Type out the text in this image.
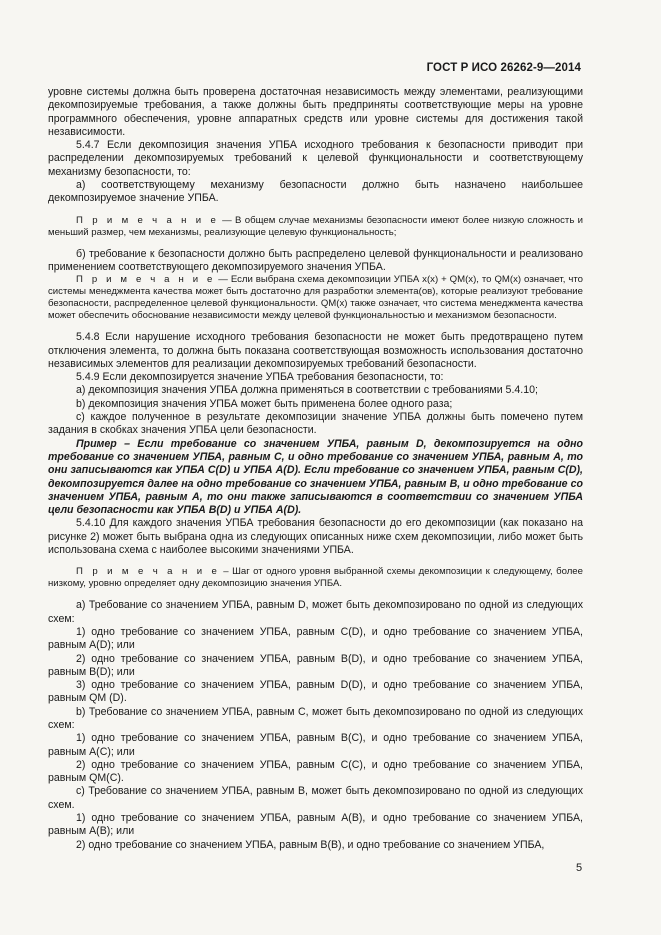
ГОСТ Р ИСО 26262-9—2014

уровне системы должна быть проверена достаточная независимость между элементами, реализующими декомпозируемые требования, а также должны быть предприняты соответствующие меры на уровне программного обеспечения, уровне аппаратных средств или уровне системы для достижения такой независимости.

5.4.7 Если декомпозиция значения УПБА исходного требования к безопасности приводит при распределении декомпозируемых требований к целевой функциональности и соответствующему механизму безопасности, то:

а) соответствующему механизму безопасности должно быть назначено наибольшее декомпозируемое значение УПБА.

П р и м е ч а н и е — В общем случае механизмы безопасности имеют более низкую сложность и меньший размер, чем механизмы, реализующие целевую функциональность;

б) требование к безопасности должно быть распределено целевой функциональности и реализовано применением соответствующего декомпозируемого значения УПБА.

П р и м е ч а н и е — Если выбрана схема декомпозиции УПБА x(x) + QM(x), то QM(x) означает, что системы менеджмента качества может быть достаточно для разработки элемента(ов), которые реализуют требование безопасности, распределенное целевой функциональности. QM(x) также означает, что система менеджмента качества может обеспечить обоснование независимости между целевой функциональностью и механизмом безопасности.

5.4.8 Если нарушение исходного требования безопасности не может быть предотвращено путем отключения элемента, то должна быть показана соответствующая возможность использования достаточно независимых элементов для реализации декомпозируемых требований безопасности.

5.4.9 Если декомпозируется значение УПБА требования безопасности, то:

а) декомпозиция значения УПБА должна применяться в соответствии с требованиями 5.4.10;

b) декомпозиция значения УПБА может быть применена более одного раза;

с) каждое полученное в результате декомпозиции значение УПБА должны быть помечено путем задания в скобках значения УПБА цели безопасности.

Пример – Если требование со значением УПБА, равным D, декомпозируется на одно требование со значением УПБА, равным С, и одно требование со значением УПБА, равным А, то они записываются как УПБА C(D) и УПБА A(D). Если требование со значением УПБА, равным C(D), декомпозируется далее на одно требование со значением УПБА, равным В, и одно требование со значением УПБА, равным А, то они также записываются в соответствии со значением УПБА цели безопасности как УПБА B(D) и УПБА A(D).

5.4.10 Для каждого значения УПБА требования безопасности до его декомпозиции (как показано на рисунке 2) может быть выбрана одна из следующих описанных ниже схем декомпозиции, либо может быть использована схема с наиболее высокими значениями УПБА.

П р и м е ч а н и е – Шаг от одного уровня выбранной схемы декомпозиции к следующему, более низкому, уровню определяет одну декомпозицию значения УПБА.

а) Требование со значением УПБА, равным D, может быть декомпозировано по одной из следующих схем:

1) одно требование со значением УПБА, равным C(D), и одно требование со значением УПБА, равным A(D); или

2) одно требование со значением УПБА, равным B(D), и одно требование со значением УПБА, равным B(D); или

3) одно требование со значением УПБА, равным D(D), и одно требование со значением УПБА, равным QM (D).

b) Требование со значением УПБА, равным С, может быть декомпозировано по одной из следующих схем:

1) одно требование со значением УПБА, равным B(C), и одно требование со значением УПБА, равным A(C); или

2) одно требование со значением УПБА, равным C(C), и одно требование со значением УПБА, равным QM(C).

с) Требование со значением УПБА, равным В, может быть декомпозировано по одной из следующих схем.

1) одно требование со значением УПБА, равным A(B), и одно требование со значением УПБА, равным A(B); или

2) одно требование со значением УПБА, равным B(B), и одно требование со значением УПБА,

5
